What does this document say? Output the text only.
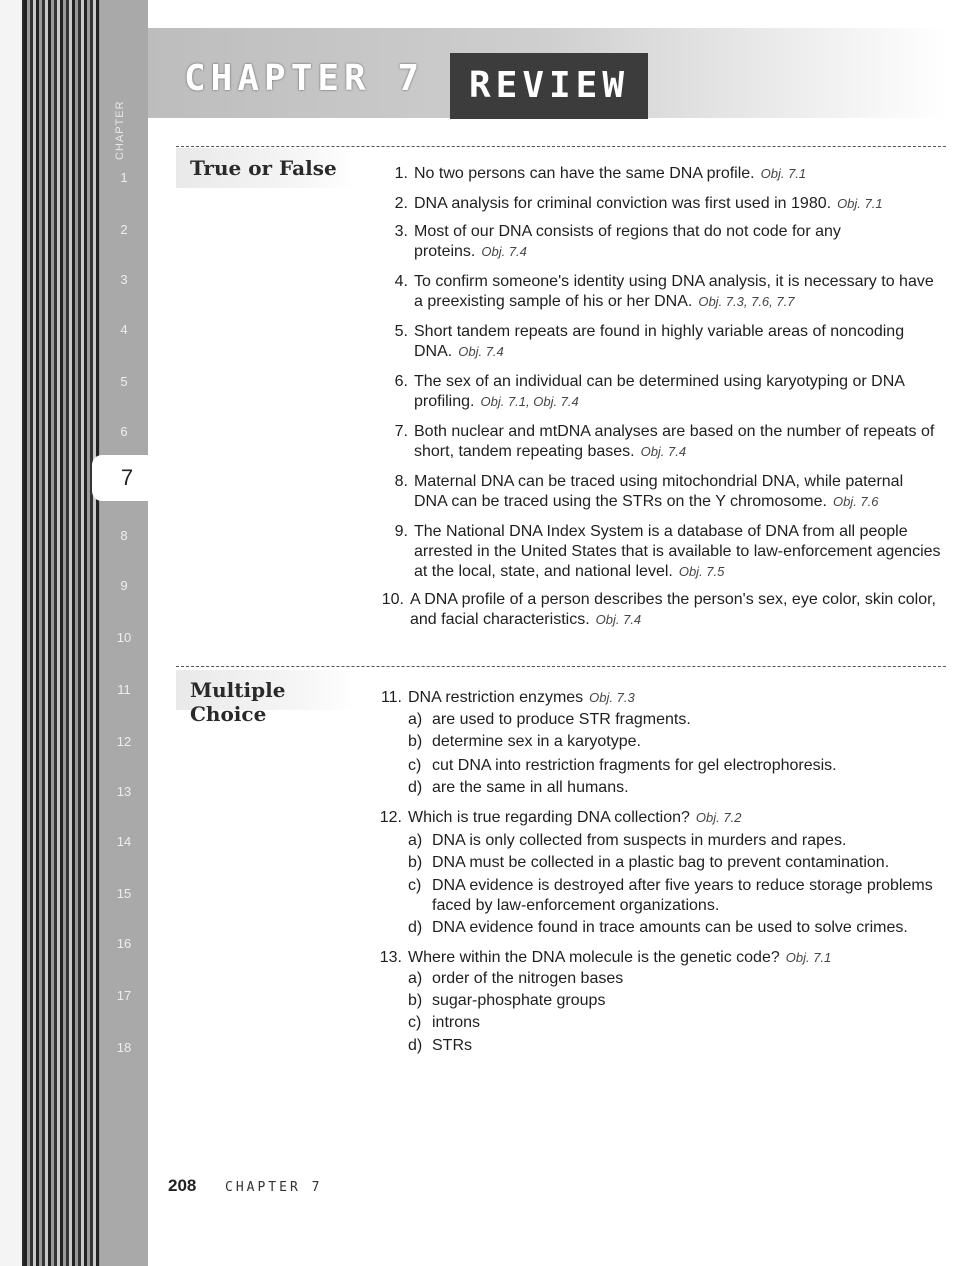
CHAPTER
1
2
3
4
5
6
8
9
10
11
12
13
14
15
16
17
18
7
CHAPTER 7	REVIEW
True or False	1. No two persons can have the same DNA profile. Obj. 7.1
2. DNA analysis for criminal conviction was first used in 1980. Obj. 7.1
3. Most of our DNA consists of regions that do not code for any
proteins. Obj. 7.4
4. To confirm someone's identity using DNA analysis, it is necessary to have
a preexisting sample of his or her DNA. Obj. 7.3, 7.6, 7.7
5. Short tandem repeats are found in highly variable areas of noncoding
DNA. Obj. 7.4
6. The sex of an individual can be determined using karyotyping or DNA
profiling. Obj. 7.1, Obj. 7.4
7. Both nuclear and mtDNA analyses are based on the number of repeats of
short, tandem repeating bases. Obj. 7.4
8. Maternal DNA can be traced using mitochondrial DNA, while paternal
DNA can be traced using the STRs on the Y chromosome. Obj. 7.6
9. The National DNA Index System is a database of DNA from all people
arrested in the United States that is available to law-enforcement agencies
at the local, state, and national level. Obj. 7.5
10. A DNA profile of a person describes the person's sex, eye color, skin color,
and facial characteristics. Obj. 7.4
Multiple Choice
11. DNA restriction enzymes Obj. 7.3
a) are used to produce STR fragments.
b) determine sex in a karyotype.
c) cut DNA into restriction fragments for gel electrophoresis.
d) are the same in all humans.
12. Which is true regarding DNA collection? Obj. 7.2
a) DNA is only collected from suspects in murders and rapes.
b) DNA must be collected in a plastic bag to prevent contamination.
c) DNA evidence is destroyed after five years to reduce storage problems
faced by law-enforcement organizations.
d) DNA evidence found in trace amounts can be used to solve crimes.
13. Where within the DNA molecule is the genetic code? Obj. 7.1
a) order of the nitrogen bases
b) sugar-phosphate groups
c) introns
d) STRs
208 CHAPTER 7
